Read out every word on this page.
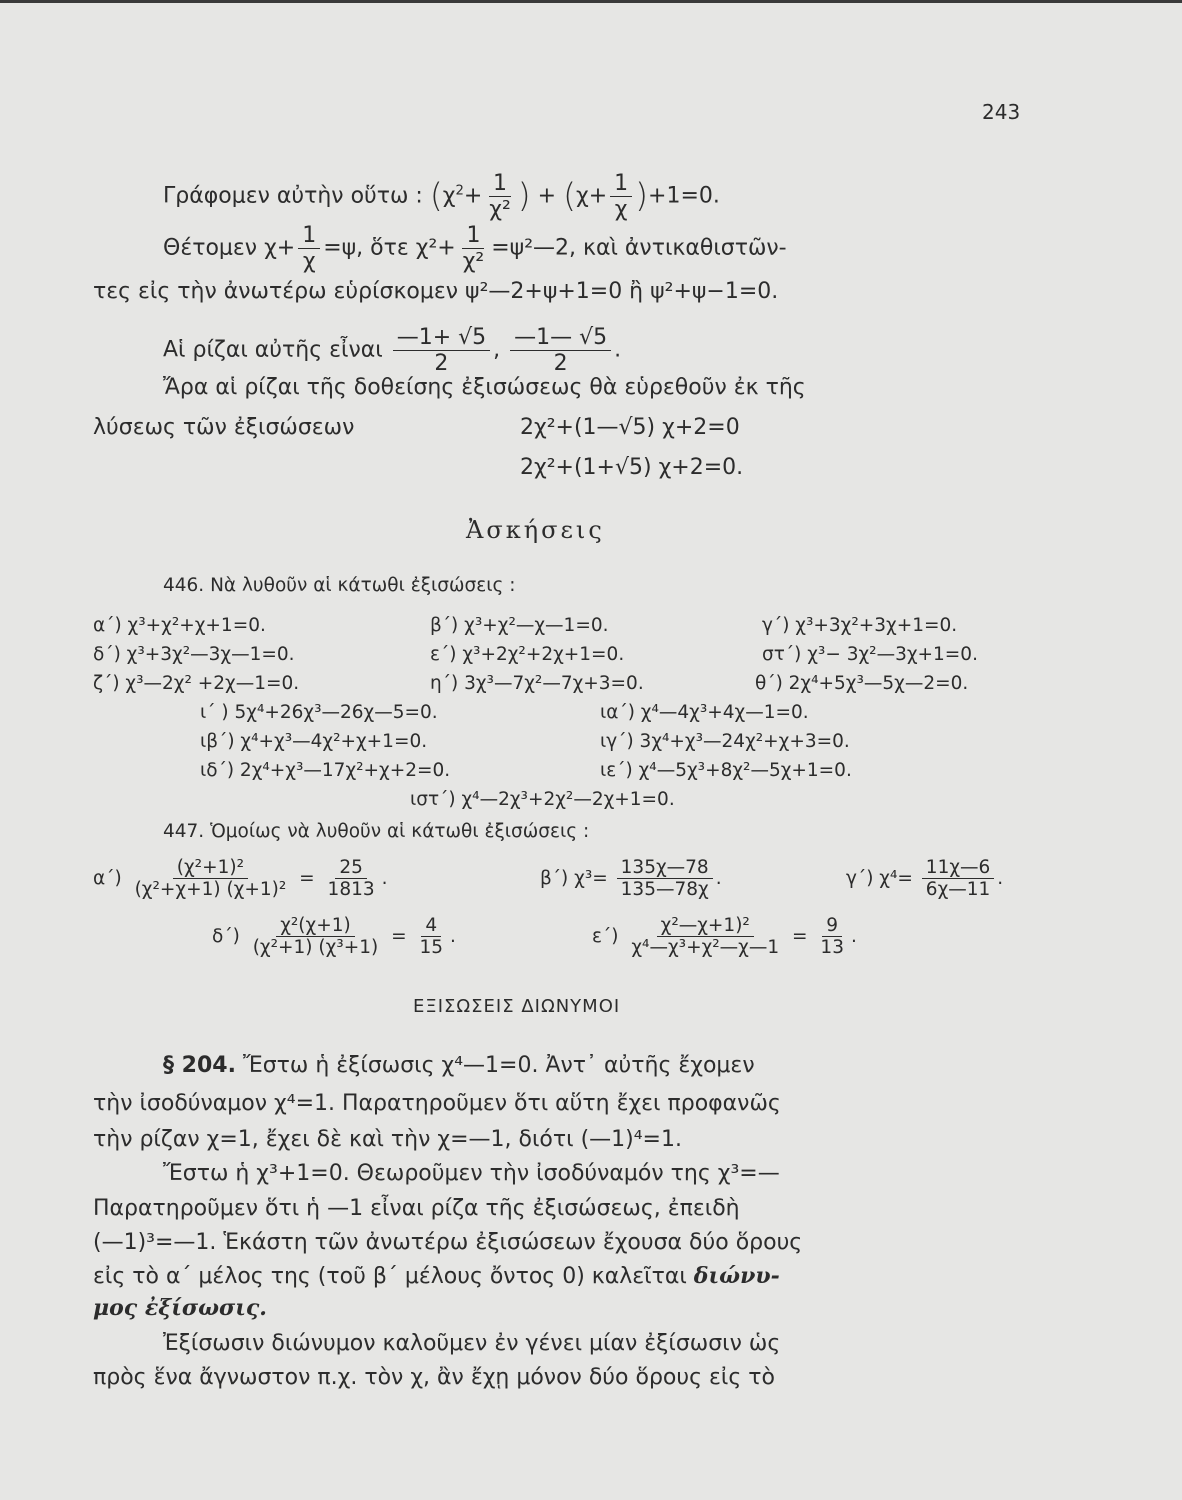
243
Γράφομεν αὐτὴν οὕτω : ($\chi^2+ \frac{1}{\text{χ²}}$ ) + $(\chi+ \frac{1}{\chi} )+1=0$.
Θέτομεν $\chi+ \frac{1}{\chi} =\psi$, ὅτε $\chi^2+ \frac{1}{\text{χ²}}$ =ψ²—2, καὶ ἀντικαθιστῶν-
τες εἰς τὴν ἀνωτέρω εὑρίσκομεν ψ²—2+ψ+1=0 ἢ ψ²+ψ−1=0.
Αἱ ρίζαι αὐτῆς εἶναι $\frac{—1+ √5}{2}$ , $\frac{—1— √5}{2}$ .
Ἄρα αἱ ρίζαι τῆς δοθείσης ἐξισώσεως θὰ εὑρεθοῦν ἐκ τῆς
λύσεως τῶν ἐξισώσεων	2χ²+(1—√5) χ+2=0
2χ²+(1+√5) χ+2=0.
Ἀσκήσεις
446. Νὰ λυθοῦν αἱ κάτωθι ἐξισώσεις :
α΄) χ³+χ²+χ+1=0.	β΄) χ³+χ²—χ—1=0.	γ΄) χ³+3χ²+3χ+1=0.
δ΄) χ³+3χ²—3χ—1=0.	ε΄) χ³+2χ²+2χ+1=0.	στ΄) χ³− 3χ²—3χ+1=0.
ζ΄) χ³—2χ² +2χ—1=0.	η΄) 3χ³—7χ²—7χ+3=0.	θ΄) 2χ⁴+5χ³—5χ—2=0.
ι΄ ) 5χ⁴+26χ³—26χ—5=0.	ια΄) χ⁴—4χ³+4χ—1=0.
ιβ΄) χ⁴+χ³—4χ²+χ+1=0.	ιγ΄) 3χ⁴+χ³—24χ²+χ+3=0.
ιδ΄) 2χ⁴+χ³—17χ²+χ+2=0.	ιε΄) χ⁴—5χ³+8χ²—5χ+1=0.
ιστ΄) χ⁴—2χ³+2χ²—2χ+1=0.
447. Ὁμοίως νὰ λυθοῦν αἱ κάτωθι ἐξισώσεις :
$\alpha΄) \frac{\text{(χ²+1)²}}{\text{(χ²+χ+1) (χ+1)²}} = \frac{25}{1813}$ .	β΄) $\chi^3= \frac{135\chi—78}{135—78\chi}$ .	γ΄) $\chi^4= \frac{11\chi—6}{6\chi—11}$ .
$\delta΄) \frac{\text{χ²(χ+1)}}{\text{(χ²+1) (χ³+1)}} = \frac{4}{15}$ .	$\varepsilon΄) \frac{\text{χ²—χ+1)²}}{\text{χ⁴—χ³+χ²—χ—1}} = \frac{9}{13}$ .
ΕΞΙΣΩΣΕΙΣ ΔΙΩΝΥΜΟΙ
§ 204. Ἔστω ἡ ἐξίσωσις χ⁴—1=0. Ἀντ᾽ αὐτῆς ἔχομεν
τὴν ἰσοδύναμον χ⁴=1. Παρατηροῦμεν ὅτι αὕτη ἔχει προφανῶς
τὴν ρίζαν χ=1, ἔχει δὲ καὶ τὴν χ=—1, διότι (—1)⁴=1.
Ἔστω ἡ χ³+1=0. Θεωροῦμεν τὴν ἰσοδύναμόν της χ³=—
Παρατηροῦμεν ὅτι ἡ —1 εἶναι ρίζα τῆς ἐξισώσεως, ἐπειδὴ
(—1)³=—1. Ἑκάστη τῶν ἀνωτέρω ἐξισώσεων ἔχουσα δύο ὅρους
εἰς τὸ α΄ μέλος της (τοῦ β΄ μέλους ὄντος 0) καλεῖται διώνυ-
μος ἐξίσωσις.
Ἐξίσωσιν διώνυμον καλοῦμεν ἐν γένει μίαν ἐξίσωσιν ὡς
πρὸς ἕνα ἄγνωστον π.χ. τὸν χ, ἂν ἔχῃ μόνον δύο ὅρους εἰς τὸ
